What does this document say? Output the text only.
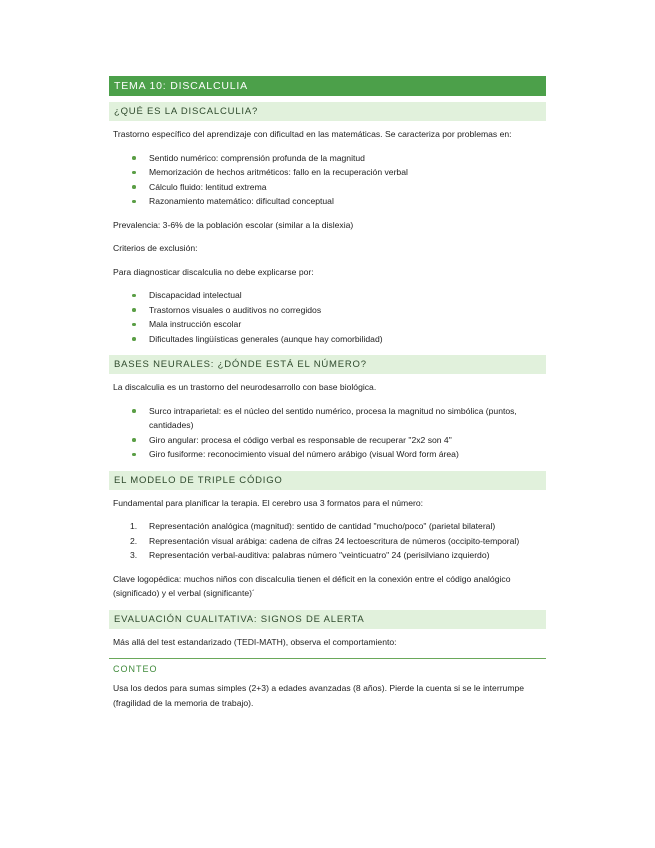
TEMA 10: DISCALCULIA
¿QUÉ ES LA DISCALCULIA?

Trastorno específico del aprendizaje con dificultad en las matemáticas. Se caracteriza por problemas en:

Sentido numérico: comprensión profunda de la magnitud
Memorización de hechos aritméticos: fallo en la recuperación verbal
Cálculo fluido: lentitud extrema
Razonamiento matemático: dificultad conceptual

Prevalencia: 3-6% de la población escolar (similar a la dislexia)

Criterios de exclusión:

Para diagnosticar discalculia no debe explicarse por:

Discapacidad intelectual
Trastornos visuales o auditivos no corregidos
Mala instrucción escolar
Dificultades lingüísticas generales (aunque hay comorbilidad)
BASES NEURALES: ¿DÓNDE ESTÁ EL NÚMERO?

La discalculia es un trastorno del neurodesarrollo con base biológica.

Surco intraparietal: es el núcleo del sentido numérico, procesa la magnitud no simbólica (puntos, cantidades)
Giro angular: procesa el código verbal es responsable de recuperar "2x2 son 4"
Giro fusiforme: reconocimiento visual del número arábigo (visual Word form área)
EL MODELO DE TRIPLE CÓDIGO

Fundamental para planificar la terapia. El cerebro usa 3 formatos para el número:

1. Representación analógica (magnitud): sentido de cantidad "mucho/poco" (parietal bilateral)
2. Representación visual arábiga: cadena de cifras 24 lectoescritura de números (occipito-temporal)
3. Representación verbal-auditiva: palabras número "veinticuatro" 24 (perisilviano izquierdo)

Clave logopédica: muchos niños con discalculia tienen el déficit en la conexión entre el código analógico (significado) y el verbal (significante)´

EVALUACIÓN CUALITATIVA: SIGNOS DE ALERTA

Más allá del test estandarizado (TEDI-MATH), observa el comportamiento:

CONTEO

Usa los dedos para sumas simples (2+3) a edades avanzadas (8 años). Pierde la cuenta si se le interrumpe (fragilidad de la memoria de trabajo).
